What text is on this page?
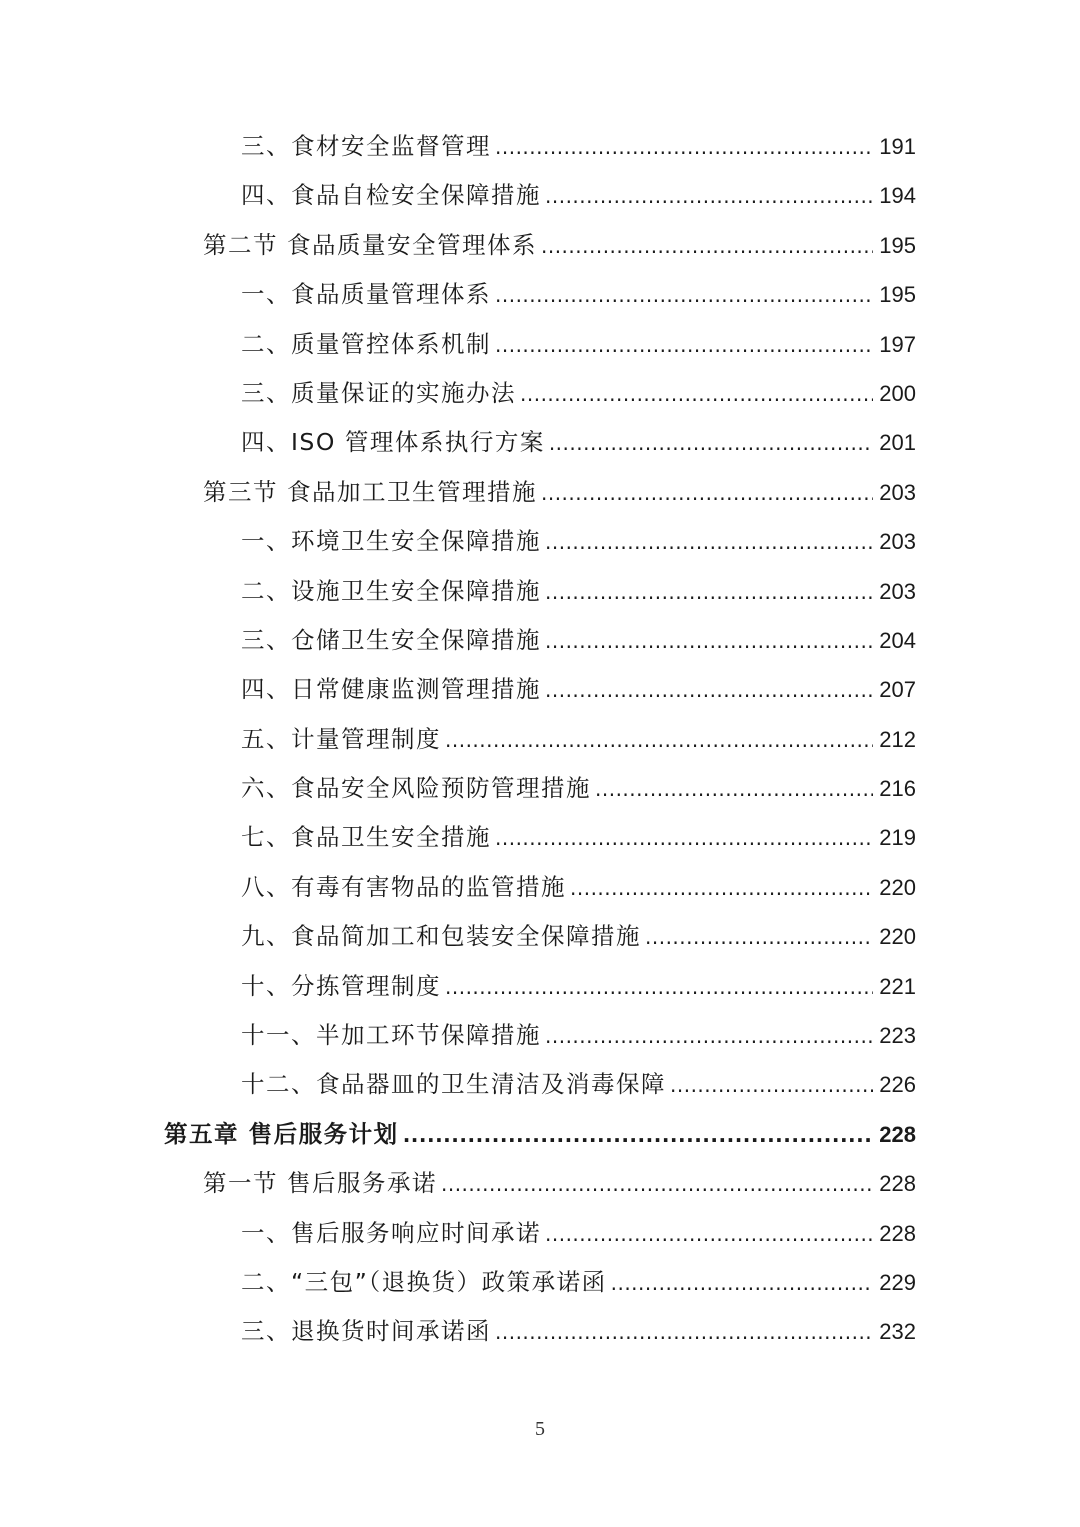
三、食材安全监督管理 .....	191
四、食品自检安全保障措施 .....	194
第二节 食品质量安全管理体系 .....	195
一、食品质量管理体系 .....	195
二、质量管控体系机制 .....	197
三、质量保证的实施办法 .....	200
四、ISO 管理体系执行方案 .....	201
第三节 食品加工卫生管理措施 .....	203
一、环境卫生安全保障措施 .....	203
二、设施卫生安全保障措施 .....	203
三、仓储卫生安全保障措施 .....	204
四、日常健康监测管理措施 .....	207
五、计量管理制度 .....	212
六、食品安全风险预防管理措施 .....	216
七、食品卫生安全措施 .....	219
八、有毒有害物品的监管措施 .....	220
九、食品简加工和包装安全保障措施 .....	220
十、分拣管理制度 .....	221
十一、半加工环节保障措施 .....	223
十二、食品器皿的卫生清洁及消毒保障 .....	226
第五章 售后服务计划 .....	228
第一节 售后服务承诺 .....	228
一、售后服务响应时间承诺 .....	228
二、“三包”（退换货）政策承诺函 .....	229
三、退换货时间承诺函 .....	232
5
